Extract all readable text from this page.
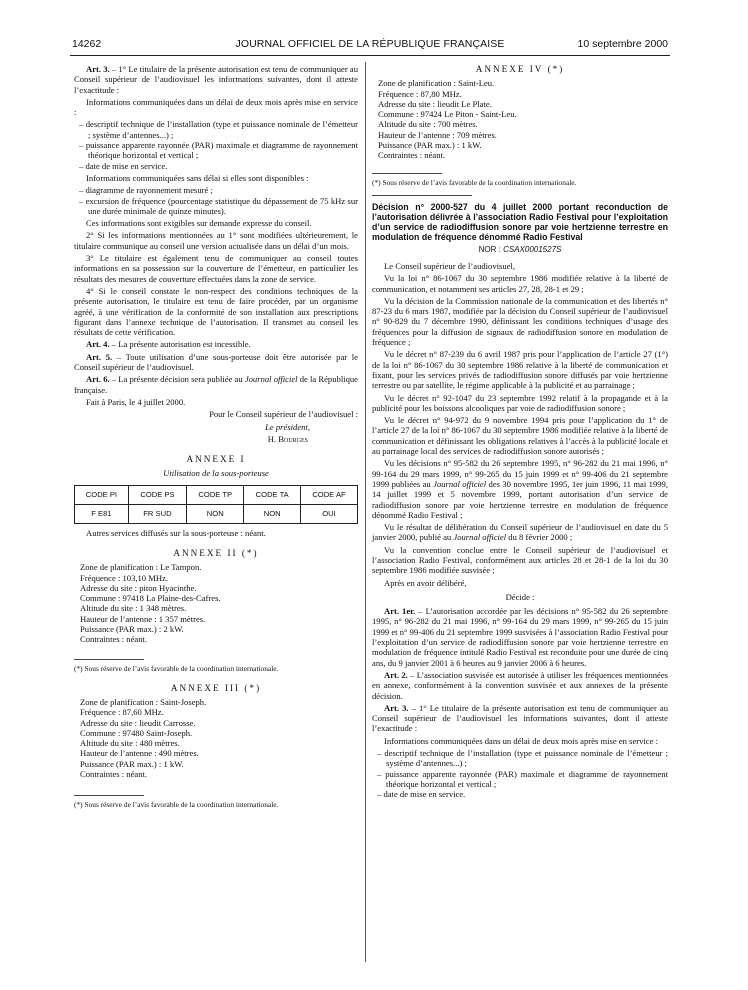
14262	JOURNAL OFFICIEL DE LA RÉPUBLIQUE FRANÇAISE	10 septembre 2000

Art. 3. – 1° Le titulaire de la présente autorisation est tenu de communiquer au Conseil supérieur de l’audiovisuel les informations suivantes, dont il atteste l’exactitude :

Informations communiquées dans un délai de deux mois après mise en service :

– descriptif technique de l’installation (type et puissance nominale de l’émetteur ; système d’antennes...) ;
– puissance apparente rayonnée (PAR) maximale et diagramme de rayonnement théorique horizontal et vertical ;
– date de mise en service.

Informations communiquées sans délai si elles sont disponibles :

– diagramme de rayonnement mesuré ;
– excursion de fréquence (pourcentage statistique du dépassement de 75 kHz sur une durée minimale de quinze minutes).

Ces informations sont exigibles sur demande expresse du conseil.

2° Si les informations mentionnées au 1° sont modifiées ultérieurement, le titulaire communique au conseil une version actualisée dans un délai d’un mois.

3° Le titulaire est également tenu de communiquer au conseil toutes informations en sa possession sur la couverture de l’émetteur, en particulier les résultats des mesures de couverture effectuées dans la zone de service.

4° Si le conseil constate le non-respect des conditions techniques de la présente autorisation, le titulaire est tenu de faire procéder, par un organisme agréé, à une vérification de la conformité de son installation aux prescriptions figurant dans l’annexe technique de l’autorisation. Il transmet au conseil les résultats de cette vérification.

Art. 4. – La présente autorisation est incessible.

Art. 5. – Toute utilisation d’une sous-porteuse doit être autorisée par le Conseil supérieur de l’audiovisuel.

Art. 6. – La présente décision sera publiée au Journal officiel de la République française.

Fait à Paris, le 4 juillet 2000.

Pour le Conseil supérieur de l’audiovisuel :

Le président,

H. Bourges

ANNEXE I

Utilisation de la sous-porteuse

CODE PI	CODE PS	CODE TP	CODE TA	CODE AF
F E81	FR SUD	NON	NON	OUI

Autres services diffusés sur la sous-porteuse : néant.

ANNEXE II (*)

Zone de planification : Le Tampon.

Fréquence : 103,10 MHz.

Adresse du site : piton Hyacinthe.

Commune : 97418 La Plaine-des-Cafres.

Altitude du site : 1 348 mètres.

Hauteur de l’antenne : 1 357 mètres.

Puissance (PAR max.) : 2 kW.

Contraintes : néant.

(*) Sous réserve de l’avis favorable de la coordination internationale.

ANNEXE III (*)

Zone de planification : Saint-Joseph.

Fréquence : 87,60 MHz.

Adresse du site : lieudit Carrosse.

Commune : 97480 Saint-Joseph.

Altitude du site : 480 mètres.

Hauteur de l’antenne : 490 mètres.

Puissance (PAR max.) : 1 kW.

Contraintes : néant.

(*) Sous réserve de l’avis favorable de la coordination internationale.

ANNEXE IV (*)

Zone de planification : Saint-Leu.

Fréquence : 87,80 MHz.

Adresse du site : lieudit Le Plate.

Commune : 97424 Le Piton - Saint-Leu.

Altitude du site : 700 mètres.

Hauteur de l’antenne : 709 mètres.

Puissance (PAR max.) : 1 kW.

Contraintes : néant.

(*) Sous réserve de l’avis favorable de la coordination internationale.

Décision n° 2000-527 du 4 juillet 2000 portant reconduction de l’autorisation délivrée à l’association Radio Festival pour l’exploitation d’un service de radiodiffusion sonore par voie hertzienne terrestre en modulation de fréquence dénommé Radio Festival

NOR : CSAX0001527S

Le Conseil supérieur de l’audiovisuel,

Vu la loi n° 86-1067 du 30 septembre 1986 modifiée relative à la liberté de communication, et notamment ses articles 27, 28, 28-1 et 29 ;

Vu la décision de la Commission nationale de la communication et des libertés n° 87-23 du 6 mars 1987, modifiée par la décision du Conseil supérieur de l’audiovisuel n° 90-829 du 7 décembre 1990, définissant les conditions techniques d’usage des fréquences pour la diffusion de signaux de radiodiffusion sonore en modulation de fréquence ;

Vu le décret n° 87-239 du 6 avril 1987 pris pour l’application de l’article 27 (1°) de la loi n° 86-1067 du 30 septembre 1986 relative à la liberté de communication et fixant, pour les services privés de radiodiffusion sonore diffusés par voie hertzienne terrestre ou par satellite, le régime applicable à la publicité et au parrainage ;

Vu le décret n° 92-1047 du 23 septembre 1992 relatif à la propagande et à la publicité pour les boissons alcooliques par voie de radiodiffusion sonore ;

Vu le décret n° 94-972 du 9 novembre 1994 pris pour l’application du 1° de l’article 27 de la loi n° 86-1067 du 30 septembre 1986 modifiée relative à la liberté de communication et définissant les obligations relatives à l’accès à la publicité locale et au parrainage local des services de radiodiffusion sonore autorisés ;

Vu les décisions n° 95-582 du 26 septembre 1995, n° 96-282 du 21 mai 1996, n° 99-164 du 29 mars 1999, n° 99-265 du 15 juin 1999 et n° 99-406 du 21 septembre 1999 publiées au Journal officiel des 30 novembre 1995, 1er juin 1996, 11 mai 1999, 14 juillet 1999 et 5 novembre 1999, portant autorisation d’un service de radiodiffusion sonore par voie hertzienne terrestre en modulation de fréquence dénommé Radio Festival ;

Vu le résultat de délibération du Conseil supérieur de l’audiovisuel en date du 5 janvier 2000, publié au Journal officiel du 8 février 2000 ;

Vu la convention conclue entre le Conseil supérieur de l’audiovisuel et l’association Radio Festival, conformément aux articles 28 et 28-1 de la loi du 30 septembre 1986 modifiée susvisée ;

Après en avoir délibéré,

Décide :

Art. 1er. – L’autorisation accordée par les décisions n° 95-582 du 26 septembre 1995, n° 96-282 du 21 mai 1996, n° 99-164 du 29 mars 1999, n° 99-265 du 15 juin 1999 et n° 99-406 du 21 septembre 1999 susvisées à l’association Radio Festival pour l’exploitation d’un service de radiodiffusion sonore par voie hertzienne terrestre en modulation de fréquence intitulé Radio Festival est reconduite pour une durée de cinq ans, du 9 janvier 2001 à 6 heures au 9 janvier 2006 à 6 heures.

Art. 2. – L’association susvisée est autorisée à utiliser les fréquences mentionnées en annexe, conformément à la convention susvisée et aux annexes de la présente décision.

Art. 3. – 1° Le titulaire de la présente autorisation est tenu de communiquer au Conseil supérieur de l’audiovisuel les informations suivantes, dont il atteste l’exactitude :

Informations communiquées dans un délai de deux mois après mise en service :

– descriptif technique de l’installation (type et puissance nominale de l’émetteur ; système d’antennes...) ;
– puissance apparente rayonnée (PAR) maximale et diagramme de rayonnement théorique horizontal et vertical ;
– date de mise en service.
